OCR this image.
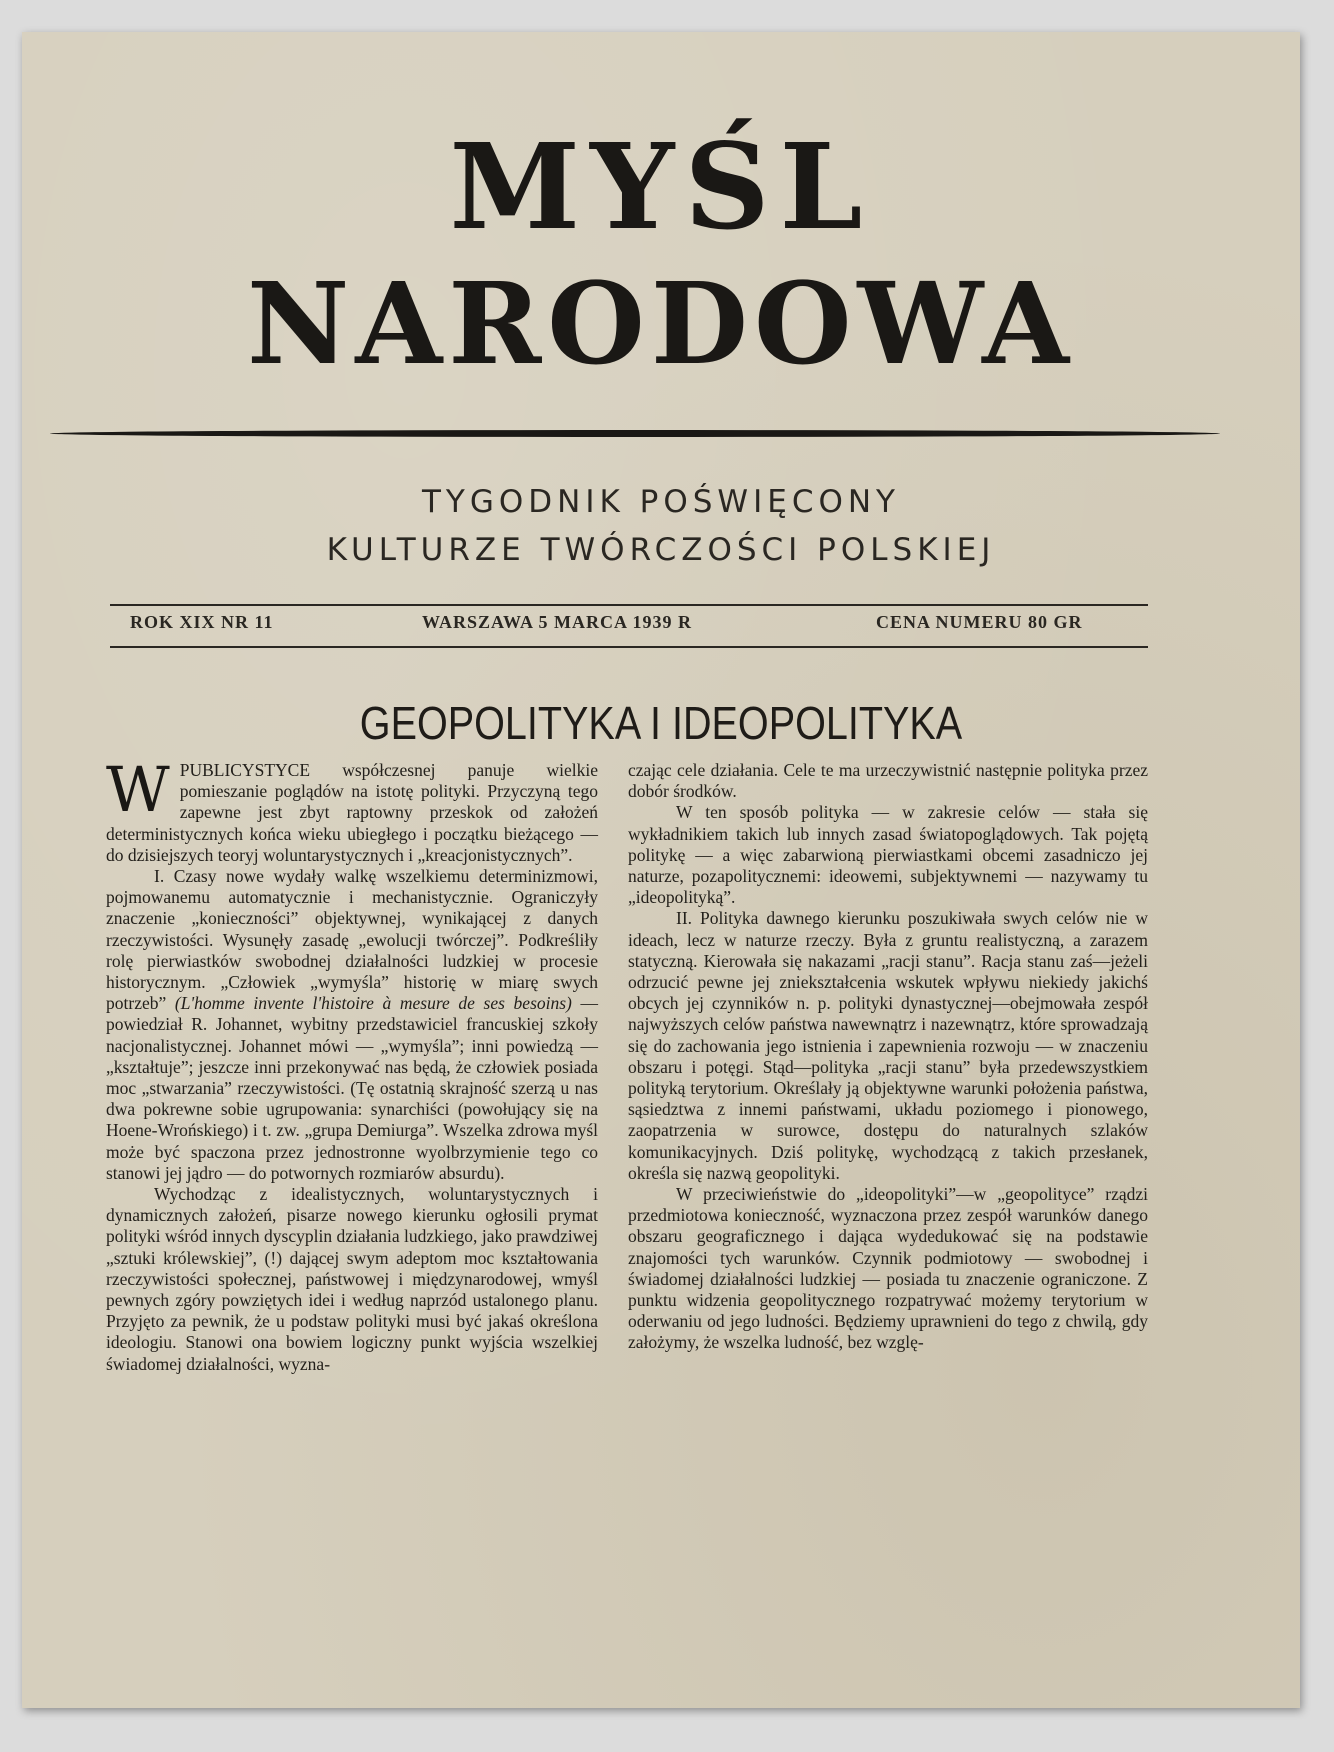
MYŚL
NARODOWA

TYGODNIK POŚWIĘCONY

KULTURZE TWÓRCZOŚCI POLSKIEJ

ROK XIX NR 11	WARSZAWA 5 MARCA 1939 R	CENA NUMERU 80 GR
GEOPOLITYKA I IDEOPOLITYKA

WPUBLICYSTYCE współczesnej panuje wielkie pomieszanie poglądów na istotę polityki. Przyczyną tego zapewne jest zbyt raptowny przeskok od założeń deterministycznych końca wieku ubiegłego i początku bieżącego — do dzisiejszych teoryj woluntarystycznych i „kreacjonistycznych”.

I. Czasy nowe wydały walkę wszelkiemu determinizmowi, pojmowanemu automatycznie i mechanistycznie. Ograniczyły znaczenie „konieczności” objektywnej, wynikającej z danych rzeczywistości. Wysunęły zasadę „ewolucji twórczej”. Podkreśliły rolę pierwiastków swobodnej działalności ludzkiej w procesie historycznym. „Człowiek „wymyśla” historię w miarę swych potrzeb” (L'homme invente l'histoire à mesure de ses besoins) — powiedział R. Johannet, wybitny przedstawiciel francuskiej szkoły nacjonalistycznej. Johannet mówi — „wymyśla”; inni powiedzą — „kształtuje”; jeszcze inni przekonywać nas będą, że człowiek posiada moc „stwarzania” rzeczywistości. (Tę ostatnią skrajność szerzą u nas dwa pokrewne sobie ugrupowania: synarchiści (powołujący się na Hoene-Wrońskiego) i t. zw. „grupa Demiurga”. Wszelka zdrowa myśl może być spaczona przez jednostronne wyolbrzymienie tego co stanowi jej jądro — do potwornych rozmiarów absurdu).

Wychodząc z idealistycznych, woluntarystycznych i dynamicznych założeń, pisarze nowego kierunku ogłosili prymat polityki wśród innych dyscyplin działania ludzkiego, jako prawdziwej „sztuki królewskiej”, (!) dającej swym adeptom moc kształtowania rzeczywistości społecznej, państwowej i międzynarodowej, wmyśl pewnych zgóry powziętych idei i według naprzód ustalonego planu. Przyjęto za pewnik, że u podstaw polityki musi być jakaś określona ideologiu. Stanowi ona bowiem logiczny punkt wyjścia wszelkiej świadomej działalności, wyzna-

czając cele działania. Cele te ma urzeczywistnić następnie polityka przez dobór środków.

W ten sposób polityka — w zakresie celów — stała się wykładnikiem takich lub innych zasad światopoglądowych. Tak pojętą politykę — a więc zabarwioną pierwiastkami obcemi zasadniczo jej naturze, pozapolitycznemi: ideowemi, subjektywnemi — nazywamy tu „ideopolityką”.

II. Polityka dawnego kierunku poszukiwała swych celów nie w ideach, lecz w naturze rzeczy. Była z gruntu realistyczną, a zarazem statyczną. Kierowała się nakazami „racji stanu”. Racja stanu zaś—jeżeli odrzucić pewne jej zniekształcenia wskutek wpływu niekiedy jakichś obcych jej czynników n. p. polityki dynastycznej—obejmowała zespół najwyższych celów państwa nawewnątrz i nazewnątrz, które sprowadzają się do zachowania jego istnienia i zapewnienia rozwoju — w znaczeniu obszaru i potęgi. Stąd—polityka „racji stanu” była przedewszystkiem polityką terytorium. Określały ją objektywne warunki położenia państwa, sąsiedztwa z innemi państwami, układu poziomego i pionowego, zaopatrzenia w surowce, dostępu do naturalnych szlaków komunikacyjnych. Dziś politykę, wychodzącą z takich przesłanek, określa się nazwą geopolityki.

W przeciwieństwie do „ideopolityki”—w „geopolityce” rządzi przedmiotowa konieczność, wyznaczona przez zespół warunków danego obszaru geograficznego i dająca wydedukować się na podstawie znajomości tych warunków. Czynnik podmiotowy — swobodnej i świadomej działalności ludzkiej — posiada tu znaczenie ograniczone. Z punktu widzenia geopolitycznego rozpatrywać możemy terytorium w oderwaniu od jego ludności. Będziemy uprawnieni do tego z chwilą, gdy założymy, że wszelka ludność, bez wzglę-
